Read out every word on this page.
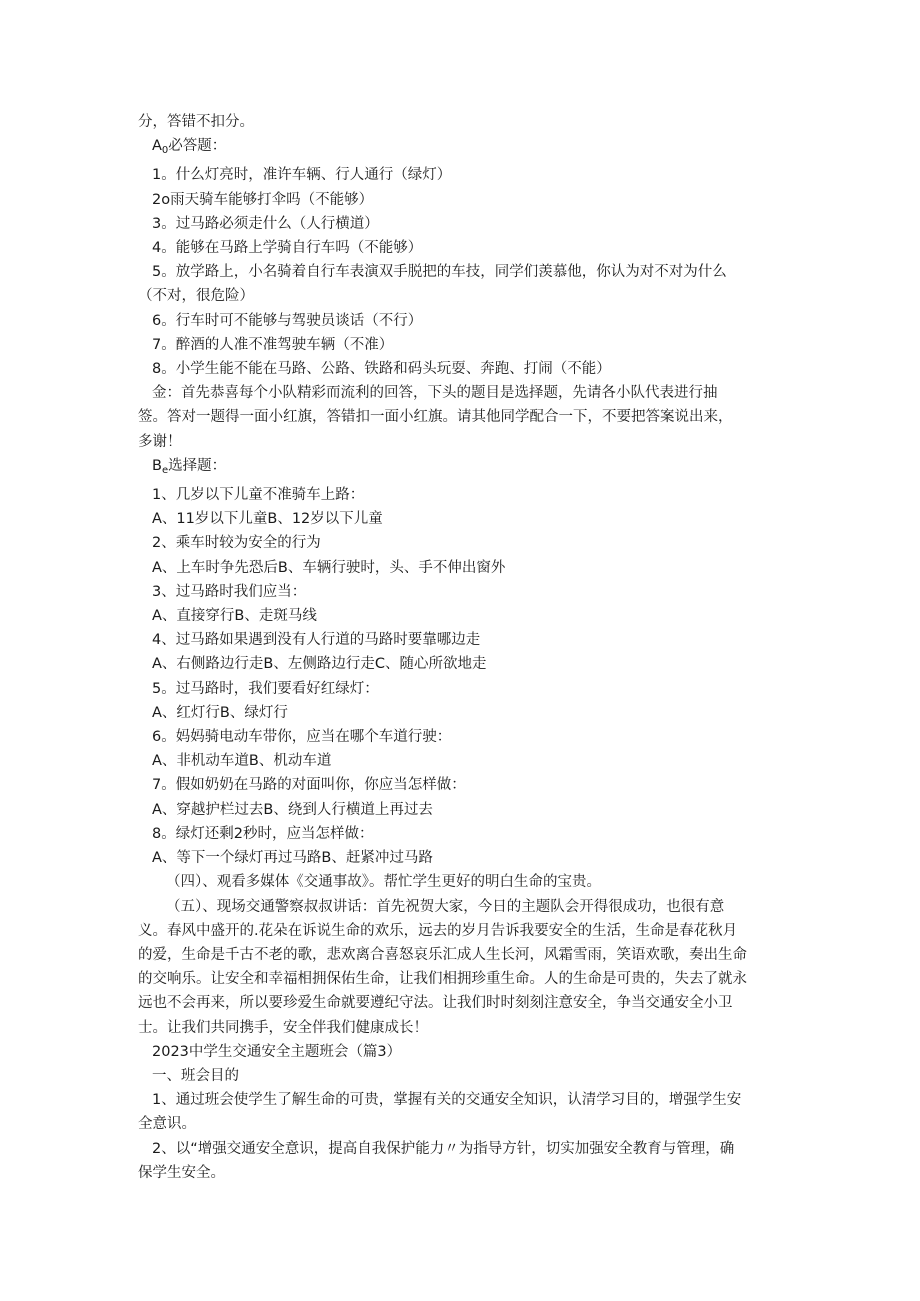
分，答错不扣分。

$A_0$必答题：

1。什么灯亮时，准许车辆、行人通行（绿灯）

2o雨天骑车能够打伞吗（不能够）

3。过马路必须走什么（人行横道）

4。能够在马路上学骑自行车吗（不能够）

5。放学路上，小名骑着自行车表演双手脱把的车技，同学们羡慕他，你认为对不对为什么

（不对，很危险）

6。行车时可不能够与驾驶员谈话（不行）

7。醉酒的人准不准驾驶车辆（不准）

8。小学生能不能在马路、公路、铁路和码头玩耍、奔跑、打闹（不能）

金：首先恭喜每个小队精彩而流利的回答，下头的题目是选择题，先请各小队代表进行抽

签。答对一题得一面小红旗，答错扣一面小红旗。请其他同学配合一下，不要把答案说出来，

多谢！

$B_e$选择题：

1、几岁以下儿童不准骑车上路：

A、11岁以下儿童B、12岁以下儿童

2、乘车时较为安全的行为

A、上车时争先恐后B、车辆行驶时，头、手不伸出窗外

3、过马路时我们应当：

A、直接穿行B、走斑马线

4、过马路如果遇到没有人行道的马路时要靠哪边走

A、右侧路边行走B、左侧路边行走C、随心所欲地走

5。过马路时，我们要看好红绿灯：

A、红灯行B、绿灯行

6。妈妈骑电动车带你，应当在哪个车道行驶：

A、非机动车道B、机动车道

7。假如奶奶在马路的对面叫你，你应当怎样做：

A、穿越护栏过去B、绕到人行横道上再过去

8。绿灯还剩2秒时，应当怎样做：

A、等下一个绿灯再过马路B、赶紧冲过马路

（四）、观看多媒体《交通事故》。帮忙学生更好的明白生命的宝贵。

（五）、现场交通警察叔叔讲话：首先祝贺大家，今日的主题队会开得很成功，也很有意

义。春风中盛开的.花朵在诉说生命的欢乐，远去的岁月告诉我要安全的生活，生命是春花秋月

的爱，生命是千古不老的歌，悲欢离合喜怒哀乐汇成人生长河，风霜雪雨，笑语欢歌，奏出生命

的交响乐。让安全和幸福相拥保佑生命，让我们相拥珍重生命。人的生命是可贵的，失去了就永

远也不会再来，所以要珍爱生命就要遵纪守法。让我们时时刻刻注意安全，争当交通安全小卫

士。让我们共同携手，安全伴我们健康成长！

2023中学生交通安全主题班会（篇3）

一、班会目的

1、通过班会使学生了解生命的可贵，掌握有关的交通安全知识，认清学习目的，增强学生安

全意识。

2、以“增强交通安全意识，提高自我保护能力〃为指导方针，切实加强安全教育与管理，确

保学生安全。
